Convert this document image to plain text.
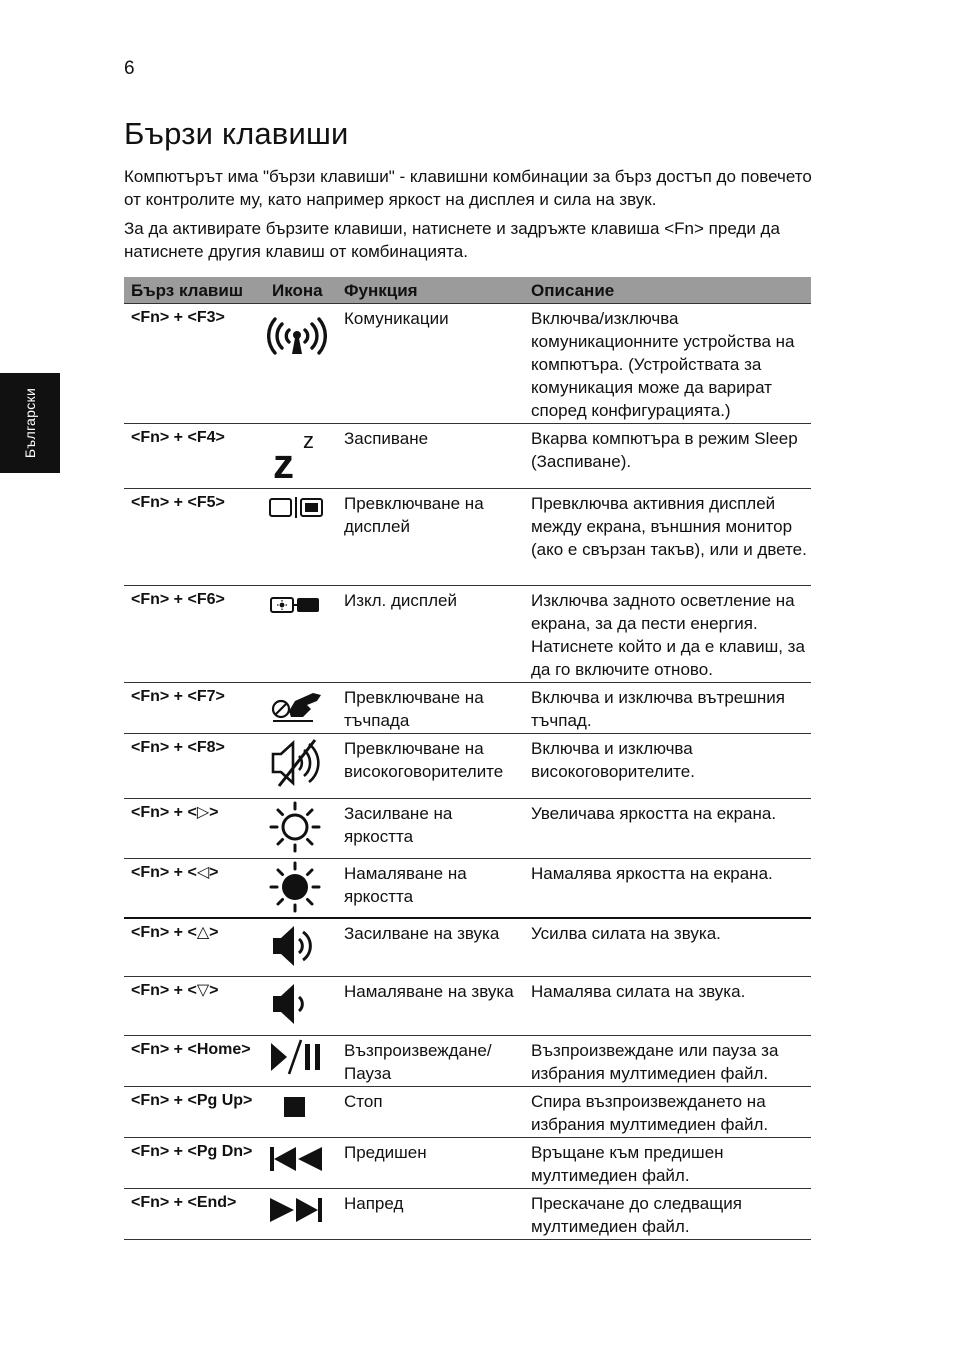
6
Български
Бързи клавиши

Компютърът има "бързи клавиши" - клавишни комбинации за бърз достъп до повечето от контролите му, като например яркост на дисплея и сила на звук.

За да активирате бързите клавиши, натиснете и задръжте клавиша <Fn> преди да натиснете другия клавиш от комбинацията.

Бърз клавиш	Икона	Функция	Описание
<Fn> + <F3>		Комуникации	Включва/изключва комуникационните устройства на компютъра. (Устройствата за комуникация може да варират според конфигурацията.)
<Fn> + <F4>	z z	Заспиване	Вкарва компютъра в режим Sleep (Заспиване).
<Fn> + <F5>		Превключване на дисплей	Превключва активния дисплей между екрана, външния монитор (ако е свързан такъв), или и двете.
<Fn> + <F6>		Изкл. дисплей	Изключва задното осветление на екрана, за да пести енергия. Натиснете който и да е клавиш, за да го включите отново.
<Fn> + <F7>		Превключване на тъчпада	Включва и изключва вътрешния тъчпад.
<Fn> + <F8>		Превключване на високоговорителите	Включва и изключва високоговорителите.
<Fn> + <▷>		Засилване на яркостта	Увеличава яркостта на екрана.
<Fn> + <◁>		Намаляване на яркостта	Намалява яркостта на екрана.
<Fn> + <△>		Засилване на звука	Усилва силата на звука.
<Fn> + <▽>		Намаляване на звука	Намалява силата на звука.
<Fn> + <Home>		Възпроизвеждане/ Пауза	Възпроизвеждане или пауза за избрания мултимедиен файл.
<Fn> + <Pg Up>		Стоп	Спира възпроизвеждането на избрания мултимедиен файл.
<Fn> + <Pg Dn>		Предишен	Връщане към предишен мултимедиен файл.
<Fn> + <End>		Напред	Прескачане до следващия мултимедиен файл.
